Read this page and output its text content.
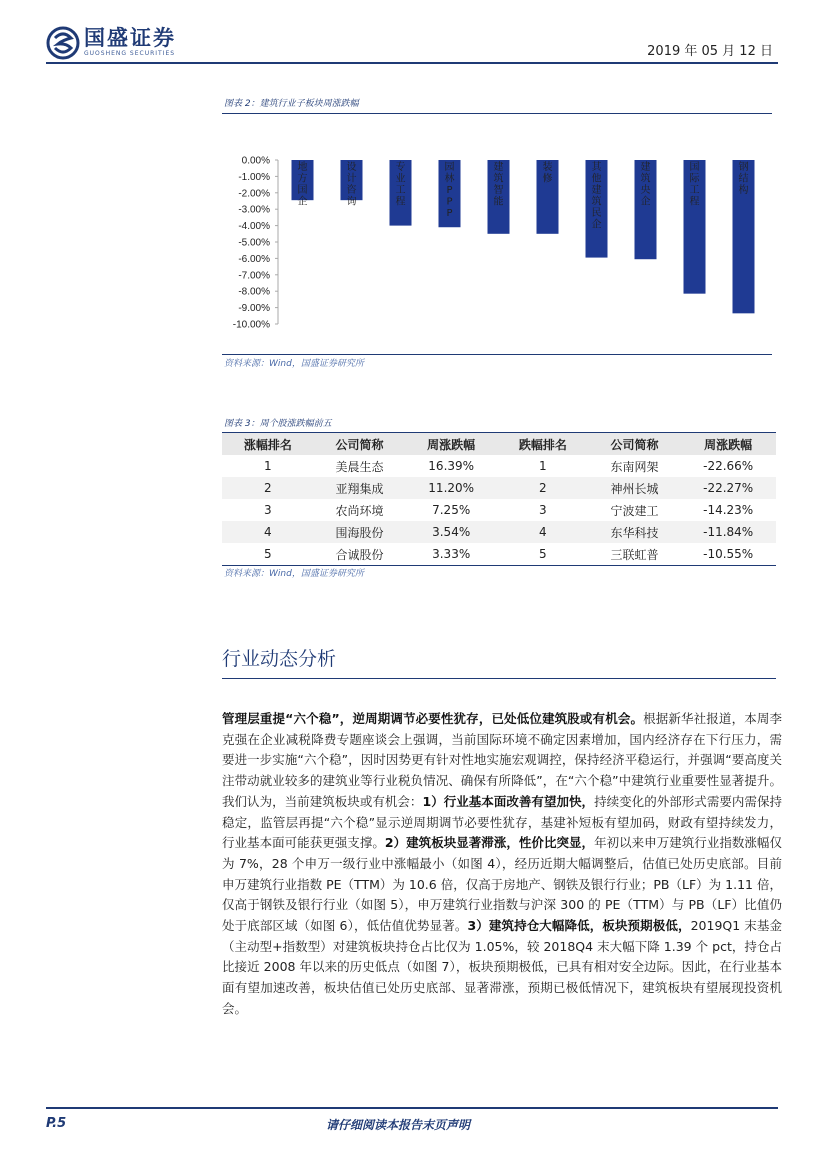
国盛证券
GUOSHENG SECURITIES	2019 年 05 月 12 日
图表 2：建筑行业子板块周涨跌幅
0.00%
-1.00%
-2.00%
-3.00%
-4.00%
-5.00%
-6.00%
-7.00%
-8.00%
-9.00%
-10.00%
地方国企
设计咨询
专业工程
园林 P P P
建筑智能
装修
其他建筑民企
建筑央企
国际工程
钢结构
资料来源：Wind，国盛证券研究所
图表 3：周个股涨跌幅前五
涨幅排名	公司简称	周涨跌幅	跌幅排名	公司简称	周涨跌幅
1	美晨生态	16.39%	1	东南网架	-22.66%
2	亚翔集成	11.20%	2	神州长城	-22.27%
3	农尚环境	7.25%	3	宁波建工	-14.23%
4	围海股份	3.54%	4	东华科技	-11.84%
5	合诚股份	3.33%	5	三联虹普	-10.55%
资料来源：Wind，国盛证券研究所
行业动态分析
管理层重提“六个稳”，逆周期调节必要性犹存，已处低位建筑股或有机会。根据新华社报道，本周李克强在企业减税降费专题座谈会上强调，当前国际环境不确定因素增加，国内经济存在下行压力，需要进一步实施“六个稳”，因时因势更有针对性地实施宏观调控，保持经济平稳运行，并强调“要高度关注带动就业较多的建筑业等行业税负情况、确保有所降低”，在“六个稳”中建筑行业重要性显著提升。我们认为，当前建筑板块或有机会：1）行业基本面改善有望加快，持续变化的外部形式需要内需保持稳定，监管层再提“六个稳”显示逆周期调节必要性犹存，基建补短板有望加码，财政有望持续发力，行业基本面可能获更强支撑。2）建筑板块显著滞涨，性价比突显，年初以来申万建筑行业指数涨幅仅为 7%，28 个申万一级行业中涨幅最小（如图 4），经历近期大幅调整后，估值已处历史底部。目前申万建筑行业指数 PE（TTM）为 10.6 倍，仅高于房地产、钢铁及银行行业；PB（LF）为 1.11 倍，仅高于钢铁及银行行业（如图 5），申万建筑行业指数与沪深 300 的 PE（TTM）与 PB（LF）比值仍处于底部区域（如图 6），低估值优势显著。3）建筑持仓大幅降低，板块预期极低，2019Q1 末基金（主动型+指数型）对建筑板块持仓占比仅为 1.05%，较 2018Q4 末大幅下降 1.39 个 pct，持仓占比接近 2008 年以来的历史低点（如图 7），板块预期极低，已具有相对安全边际。因此，在行业基本面有望加速改善，板块估值已处历史底部、显著滞涨，预期已极低情况下，建筑板块有望展现投资机会。
P.5	请仔细阅读本报告末页声明
